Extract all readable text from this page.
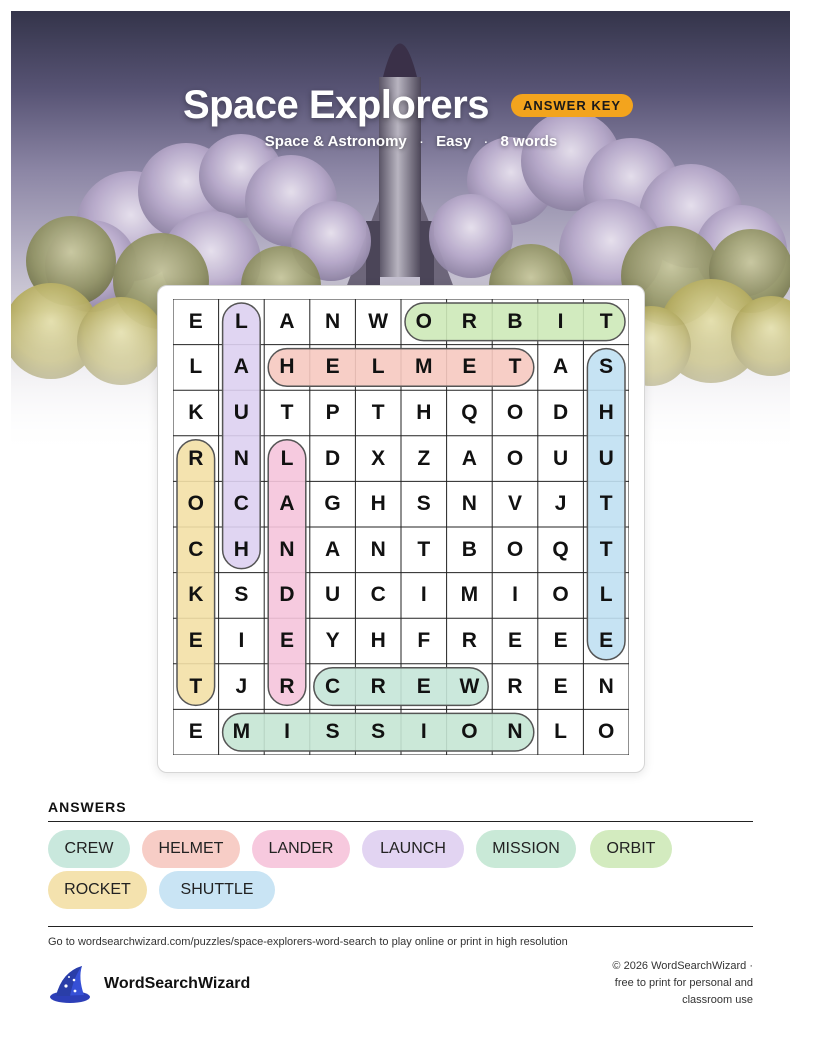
Space Explorers	ANSWER KEY
Space & Astronomy · Easy · 8 words
E	L	A	N	W	O	R	B	I	T
L	A	H	E	L	M	E	T	A	S
K	U	T	P	T	H	Q	O	D	H
R	N	L	D	X	Z	A	O	U	U
O	C	A	G	H	S	N	V	J	T
C	H	N	A	N	T	B	O	Q	T
K	S	D	U	C	I	M	I	O	L
E	I	E	Y	H	F	R	E	E	E
T	J	R	C	R	E	W	R	E	N
E	M	I	S	S	I	O	N	L	O
ANSWERS
CREW	HELMET	LANDER	LAUNCH	MISSION	ORBIT
ROCKET	SHUTTLE
Go to wordsearchwizard.com/puzzles/space-explorers-word-search to play online or print in high resolution
WordSearchWizard
© 2026 WordSearchWizard ·
free to print for personal and
classroom use
